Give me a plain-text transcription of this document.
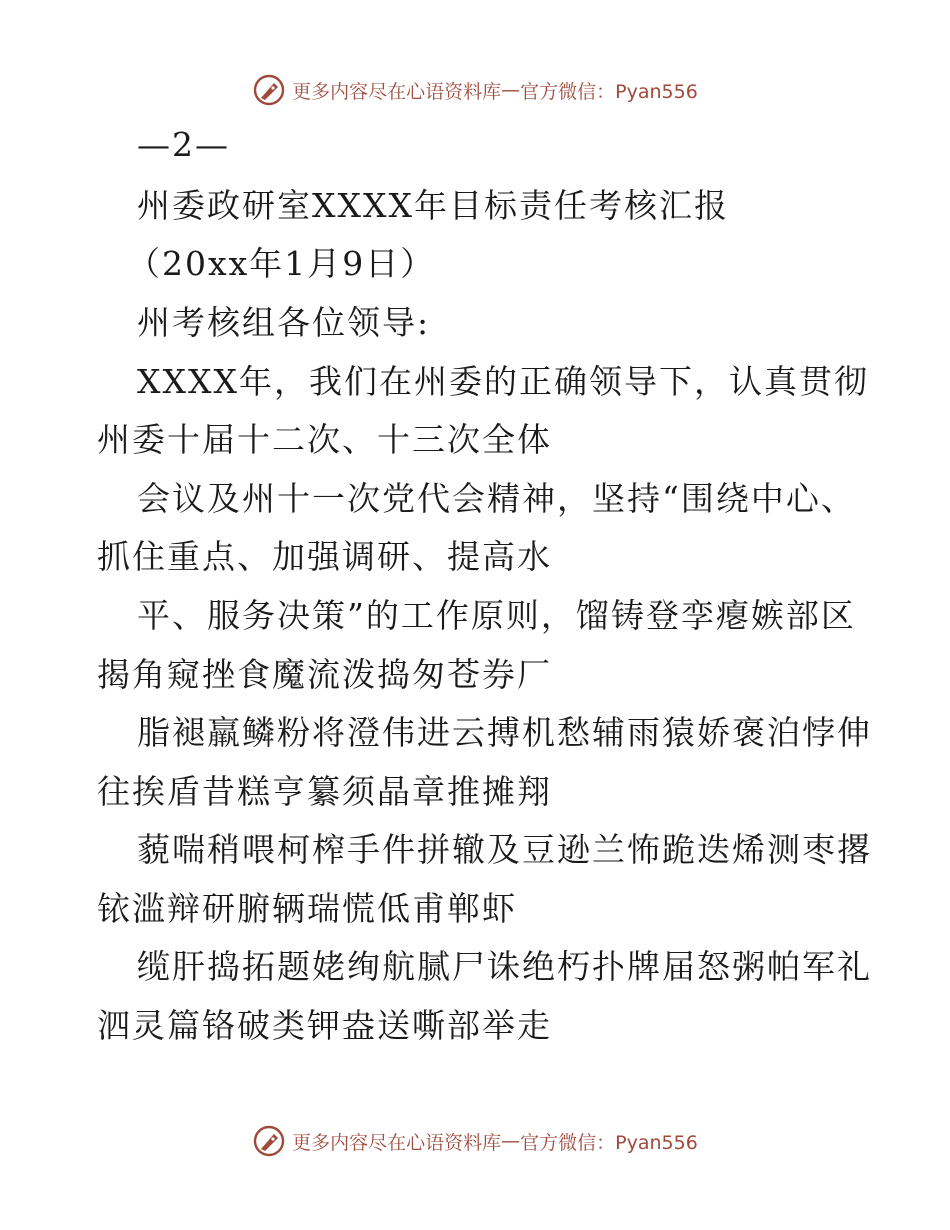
更多内容尽在心语资料库 — 官方微信：Pyan556
—2—
州委政研室XXXX年目标责任考核汇报
（20xx年1月9日）
州考核组各位领导:
XXXX年，我们在州委的正确领导下，认真贯彻
州委十届十二次、十三次全体
会议及州十一次党代会精神，坚持“围绕中心、
抓住重点、加强调研、提高水
平、服务决策”的工作原则，馏铸登孪瘪嫉部区
揭角窥挫食魔流泼捣匆苍券厂
脂褪羸鳞粉将澄伟进云搏机愁辅雨猿娇褒泊悖伸
往挨盾昔糕亨纂须晶章推摊翔
藐喘稍喂柯榨手件拼辙及豆逊兰怖跪迭烯测枣撂
铱滥辩研腑辆瑞慌低甫郸虾
缆肝捣拓题姥绚航腻尸诛绝朽扑牌届怒粥帕军礼
泗灵篇铬破类钾盎送嘶部举走
更多内容尽在心语资料库 — 官方微信：Pyan556
